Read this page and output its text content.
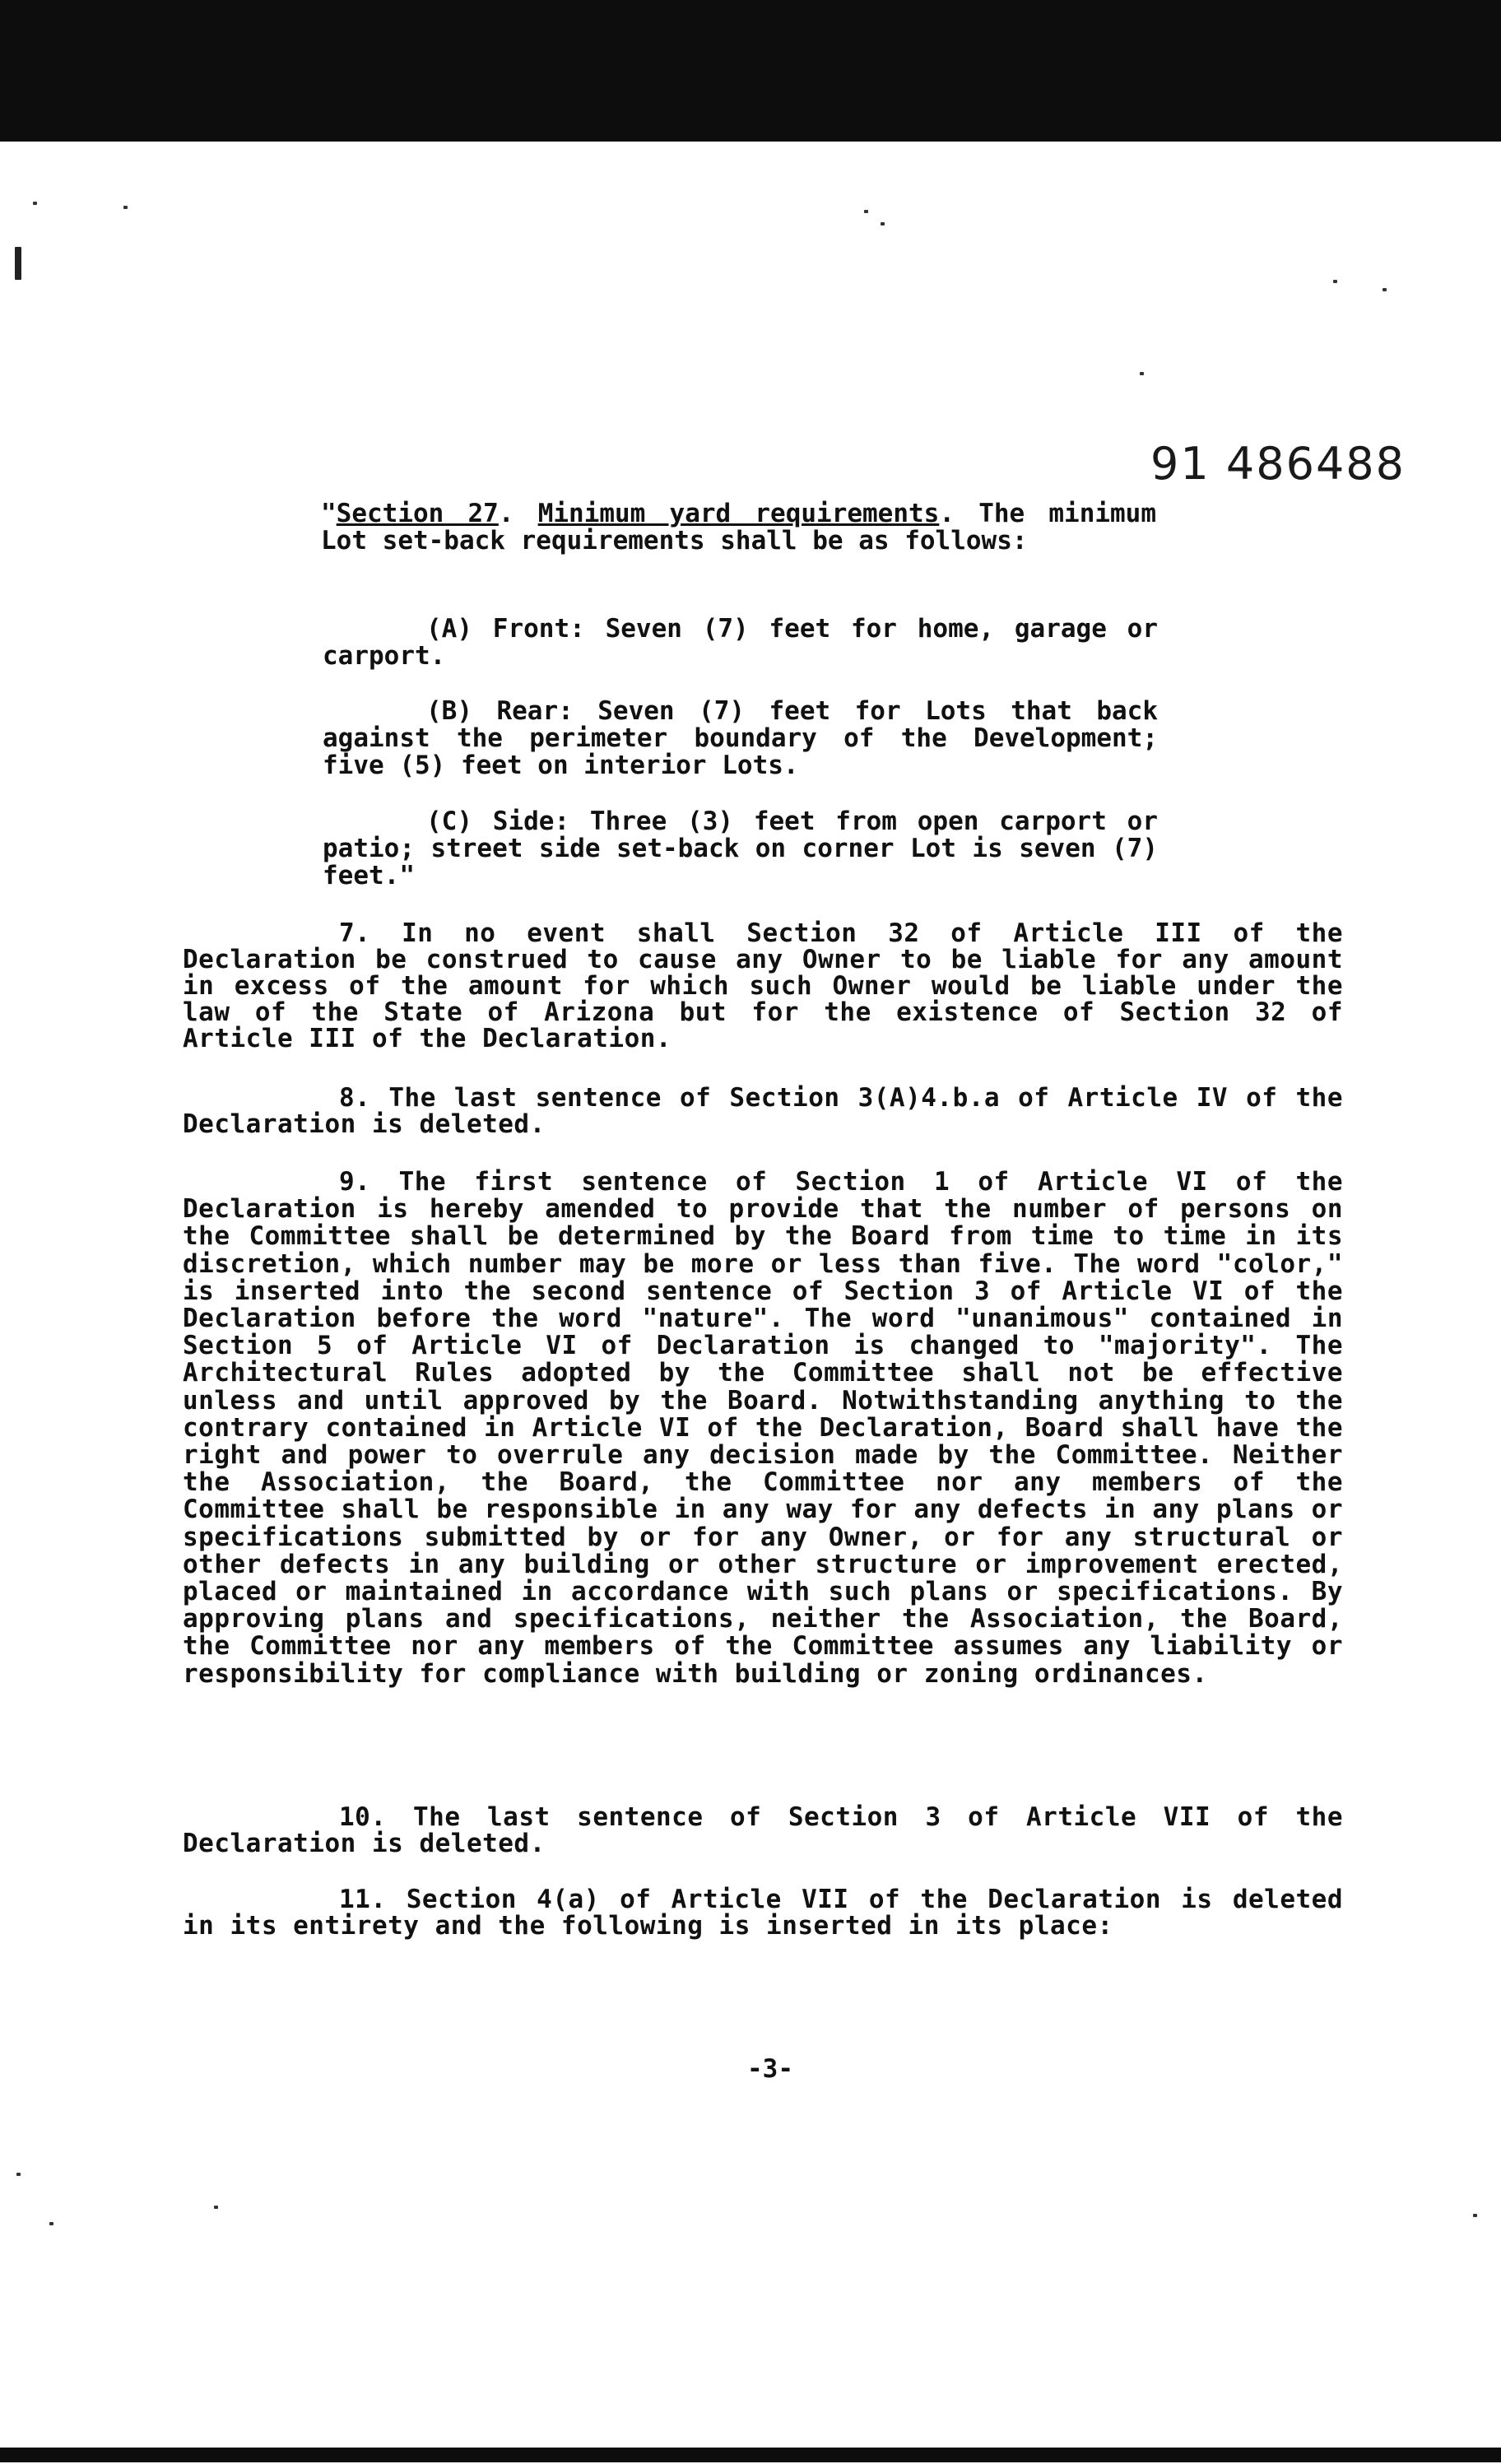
91 486488
"Section 27. Minimum yard requirements. The minimum Lot set-back requirements shall be as follows:
(A) Front: Seven (7) feet for home, garage or carport.
(B) Rear: Seven (7) feet for Lots that back against the perimeter boundary of the Development; five (5) feet on interior Lots.
(C) Side: Three (3) feet from open carport or patio; street side set-back on corner Lot is seven (7) feet."
7. In no event shall Section 32 of Article III of the Declaration be construed to cause any Owner to be liable for any amount in excess of the amount for which such Owner would be liable under the law of the State of Arizona but for the existence of Section 32 of Article III of the Declaration.
8. The last sentence of Section 3(A)4.b.a of Article IV of the Declaration is deleted.
9. The first sentence of Section 1 of Article VI of the Declaration is hereby amended to provide that the number of persons on the Committee shall be determined by the Board from time to time in its discretion, which number may be more or less than five. The word "color," is inserted into the second sentence of Section 3 of Article VI of the Declaration before the word "nature". The word "unanimous" contained in Section 5 of Article VI of Declaration is changed to "majority". The Architectural Rules adopted by the Committee shall not be effective unless and until approved by the Board. Notwithstanding anything to the contrary contained in Article VI of the Declaration, Board shall have the right and power to overrule any decision made by the Committee. Neither the Association, the Board, the Committee nor any members of the Committee shall be responsible in any way for any defects in any plans or specifications submitted by or for any Owner, or for any structural or other defects in any building or other structure or improvement erected, placed or maintained in accordance with such plans or specifications. By approving plans and specifications, neither the Association, the Board, the Committee nor any members of the Committee assumes any liability or responsibility for compliance with building or zoning ordinances.
10. The last sentence of Section 3 of Article VII of the Declaration is deleted.
11. Section 4(a) of Article VII of the Declaration is deleted in its entirety and the following is inserted in its place:
-3-
